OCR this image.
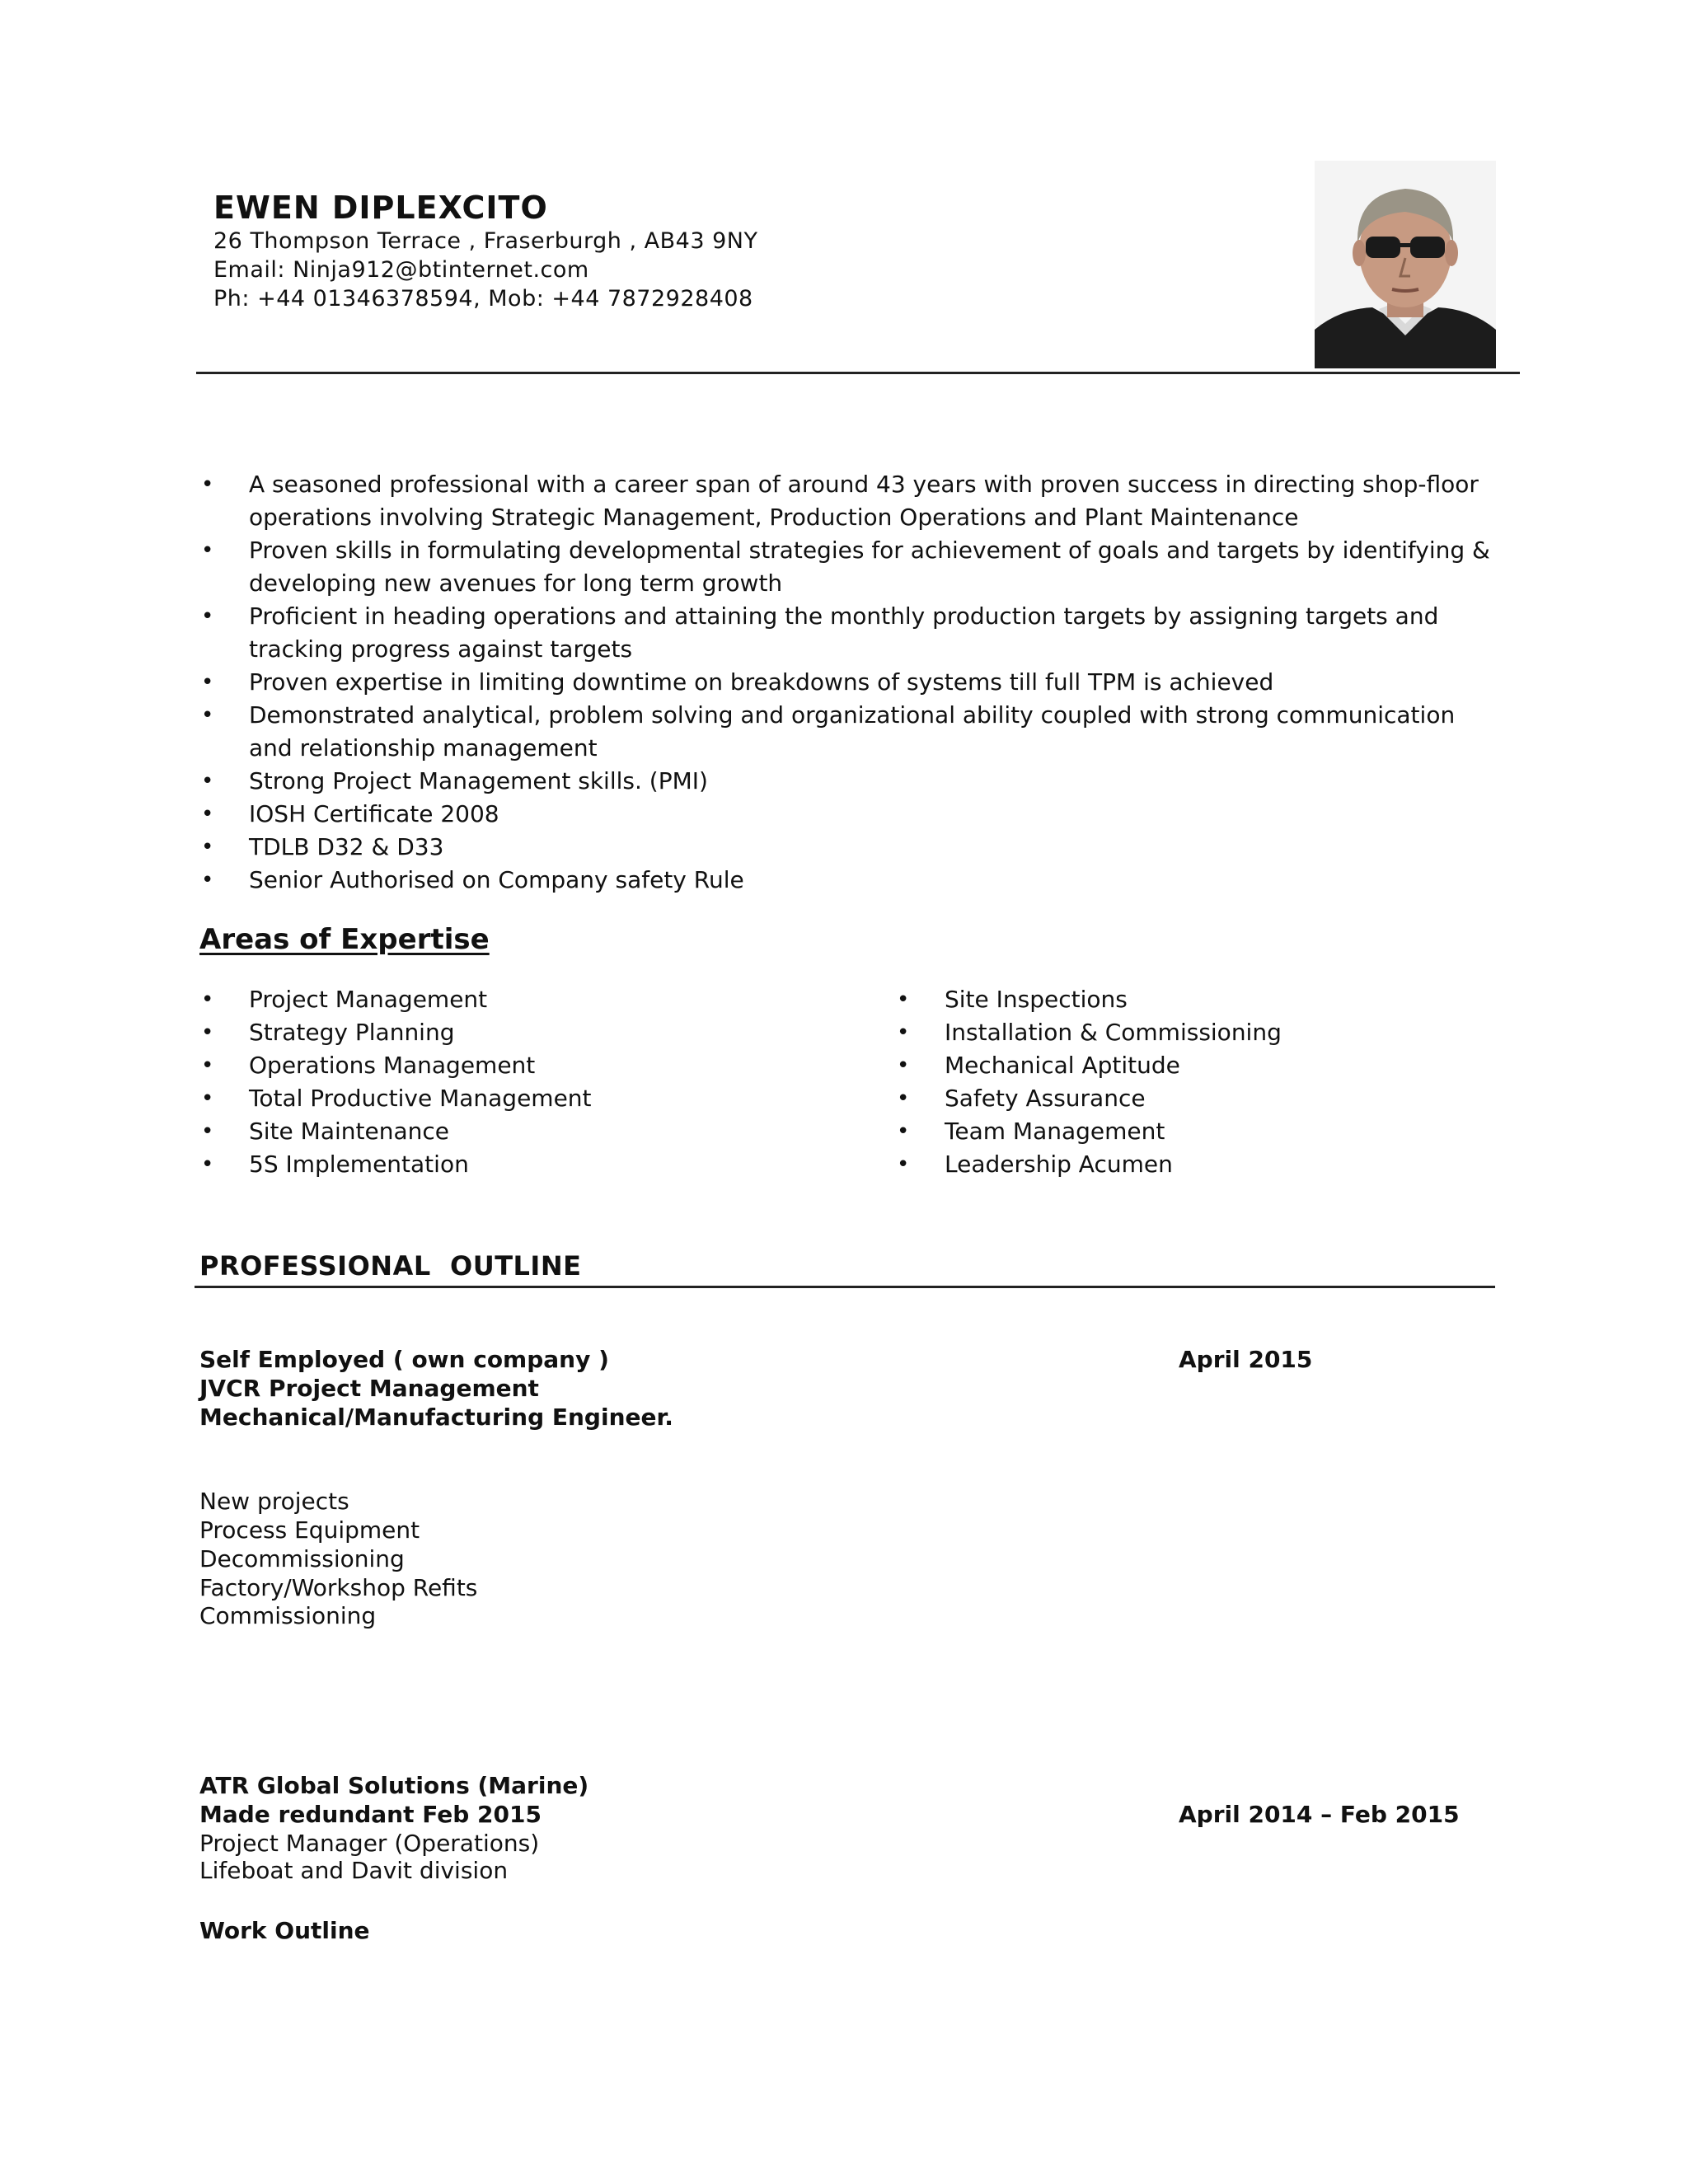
EWEN DIPLEXCITO
26 Thompson Terrace , Fraserburgh , AB43 9NY
Email: Ninja912@btinternet.com
Ph: +44 01346378594, Mob: +44 7872928408
• A seasoned professional with a career span of around 43 years with proven success in directing shop-floor operations involving Strategic Management, Production Operations and Plant Maintenance
• Proven skills in formulating developmental strategies for achievement of goals and targets by identifying & developing new avenues for long term growth
• Proficient in heading operations and attaining the monthly production targets by assigning targets and tracking progress against targets
• Proven expertise in limiting downtime on breakdowns of systems till full TPM is achieved
• Demonstrated analytical, problem solving and organizational ability coupled with strong communication and relationship management
• Strong Project Management skills. (PMI)
• IOSH Certificate 2008
• TDLB D32 & D33
• Senior Authorised on Company safety Rule
Areas of Expertise
• Project Management
• Strategy Planning
• Operations Management
• Total Productive Management
• Site Maintenance
• 5S Implementation
• Site Inspections
• Installation & Commissioning
• Mechanical Aptitude
• Safety Assurance
• Team Management
• Leadership Acumen
PROFESSIONAL  OUTLINE
Self Employed ( own company )	April 2015
JVCR Project Management
Mechanical/Manufacturing Engineer.
New projects
Process Equipment
Decommissioning
Factory/Workshop Refits
Commissioning
ATR Global Solutions (Marine)
Made redundant Feb 2015	April 2014 – Feb 2015
Project Manager (Operations)
Lifeboat and Davit division
Work Outline
